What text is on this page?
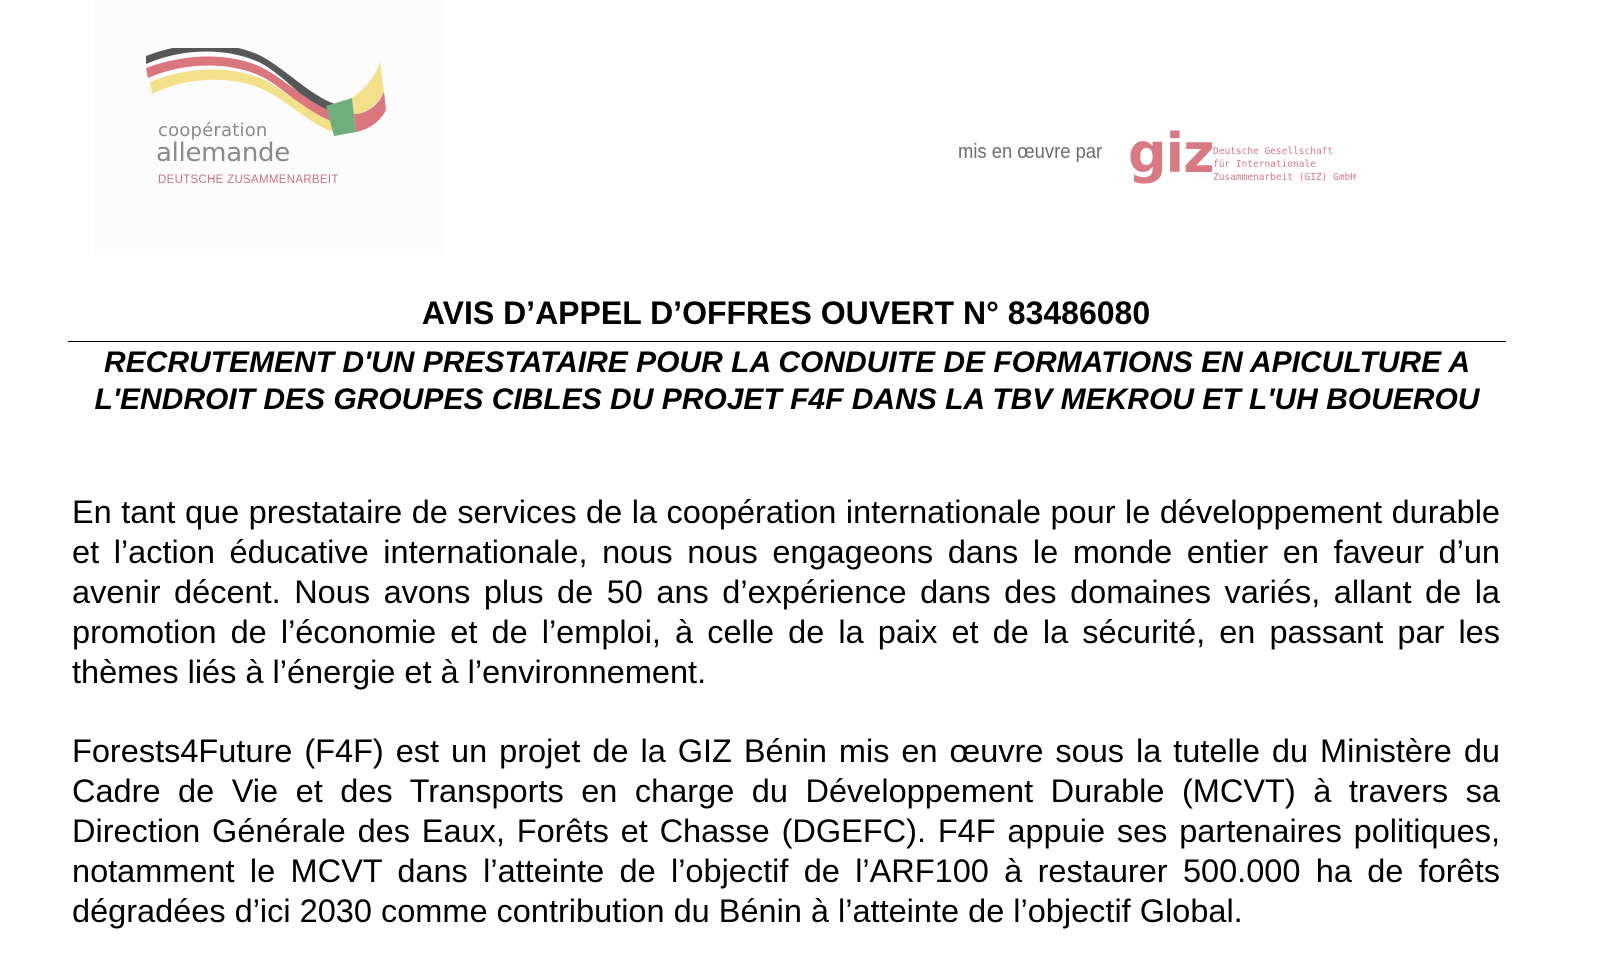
coopération
allemande
DEUTSCHE ZUSAMMENARBEIT
mis en œuvre par giz Deutsche Gesellschaft
für Internationale
Zusammenarbeit (GIZ) GmbH
AVIS D’APPEL D’OFFRES OUVERT N° 83486080
RECRUTEMENT D'UN PRESTATAIRE POUR LA CONDUITE DE FORMATIONS EN APICULTURE A L'ENDROIT DES GROUPES CIBLES DU PROJET F4F DANS LA TBV MEKROU ET L'UH BOUEROU

En tant que prestataire de services de la coopération internationale pour le développement durable et l’action éducative internationale, nous nous engageons dans le monde entier en faveur d’un avenir décent. Nous avons plus de 50 ans d’expérience dans des domaines variés, allant de la promotion de l’économie et de l’emploi, à celle de la paix et de la sécurité, en passant par les thèmes liés à l’énergie et à l’environnement.

Forests4Future (F4F) est un projet de la GIZ Bénin mis en œuvre sous la tutelle du Ministère du Cadre de Vie et des Transports en charge du Développement Durable (MCVT) à travers sa Direction Générale des Eaux, Forêts et Chasse (DGEFC). F4F appuie ses partenaires politiques, notamment le MCVT dans l’atteinte de l’objectif de l’ARF100 à restaurer 500.000 ha de forêts dégradées d’ici 2030 comme contribution du Bénin à l’atteinte de l’objectif Global.
